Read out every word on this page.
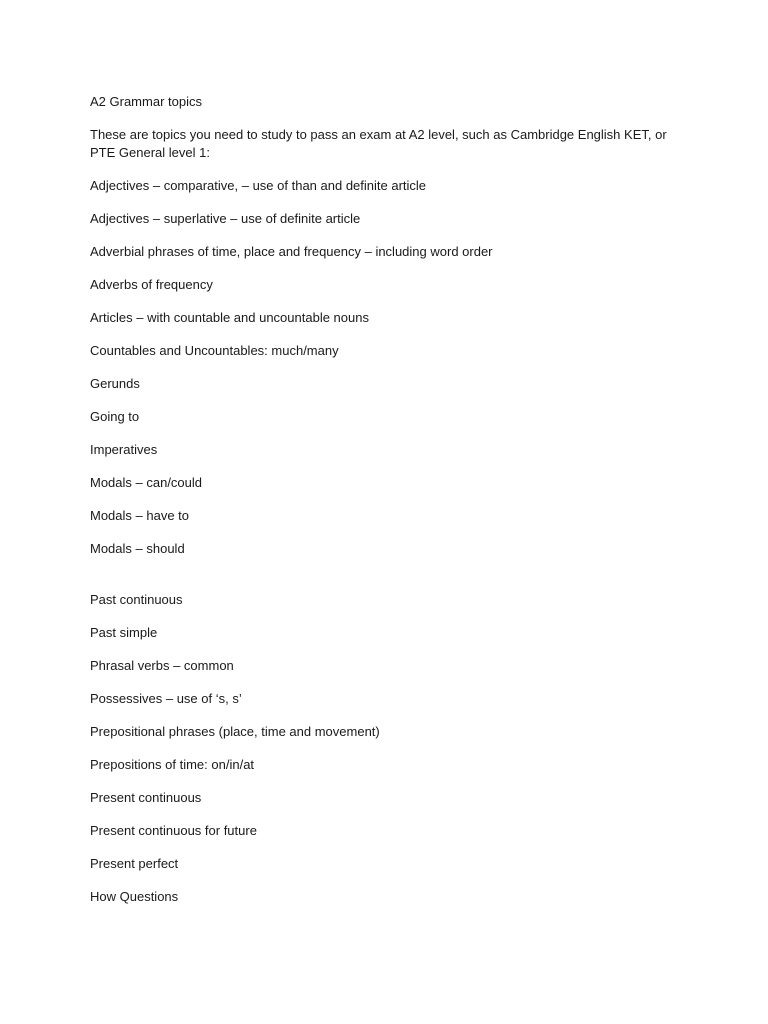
A2 Grammar topics

These are topics you need to study to pass an exam at A2 level, such as Cambridge English KET, or PTE General level 1:

Adjectives – comparative, – use of than and definite article

Adjectives – superlative – use of definite article

Adverbial phrases of time, place and frequency – including word order

Adverbs of frequency

Articles – with countable and uncountable nouns

Countables and Uncountables: much/many

Gerunds

Going to

Imperatives

Modals – can/could

Modals – have to

Modals – should

Past continuous

Past simple

Phrasal verbs – common

Possessives – use of ‘s, s’

Prepositional phrases (place, time and movement)

Prepositions of time: on/in/at

Present continuous

Present continuous for future

Present perfect

How Questions
